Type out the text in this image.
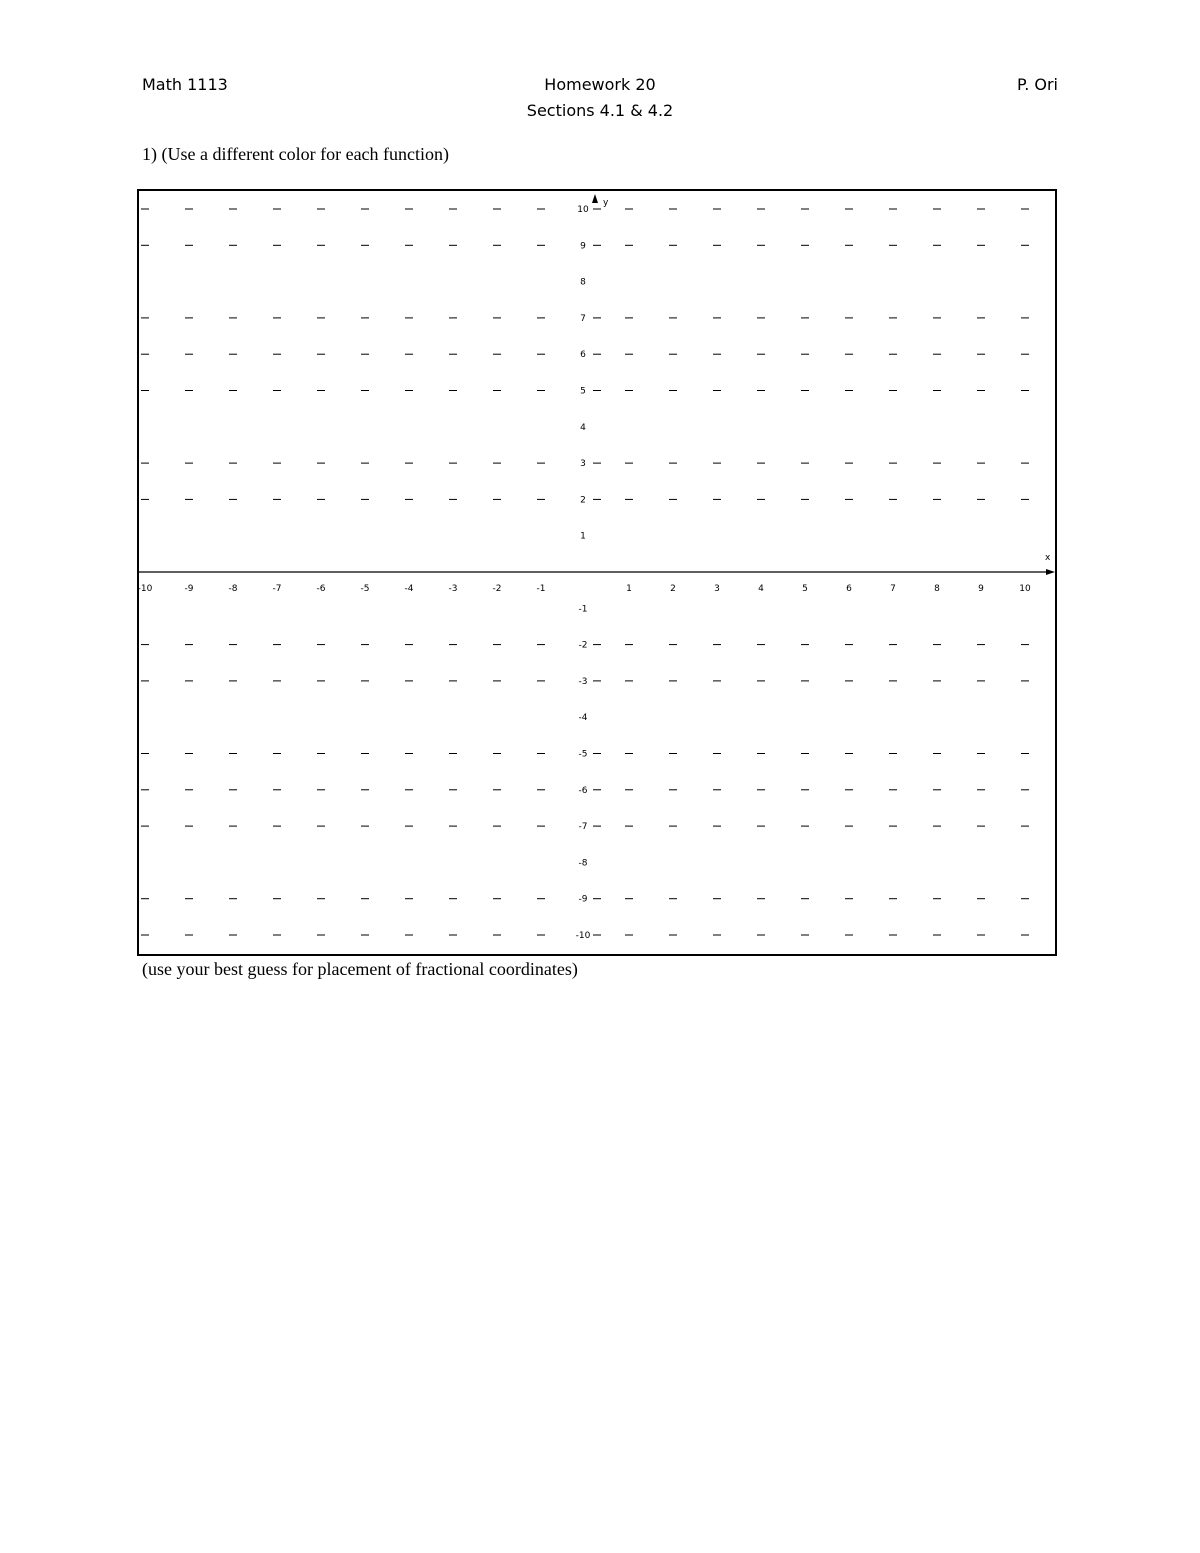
Math 1113	Homework 20
Sections 4.1 & 4.2
P. Ori
1) (Use a different color for each function)
x
y
-10	-9	-8	-7	-6	-5	-4	-3	-2	-1	1	2	3	4	5	6	7	8	9	10
10
9
8
7
6
5
4
3
2
1
-1
-2
-3
-4
-5
-6
-7
-8
-9
-10
(use your best guess for placement of fractional coordinates)
